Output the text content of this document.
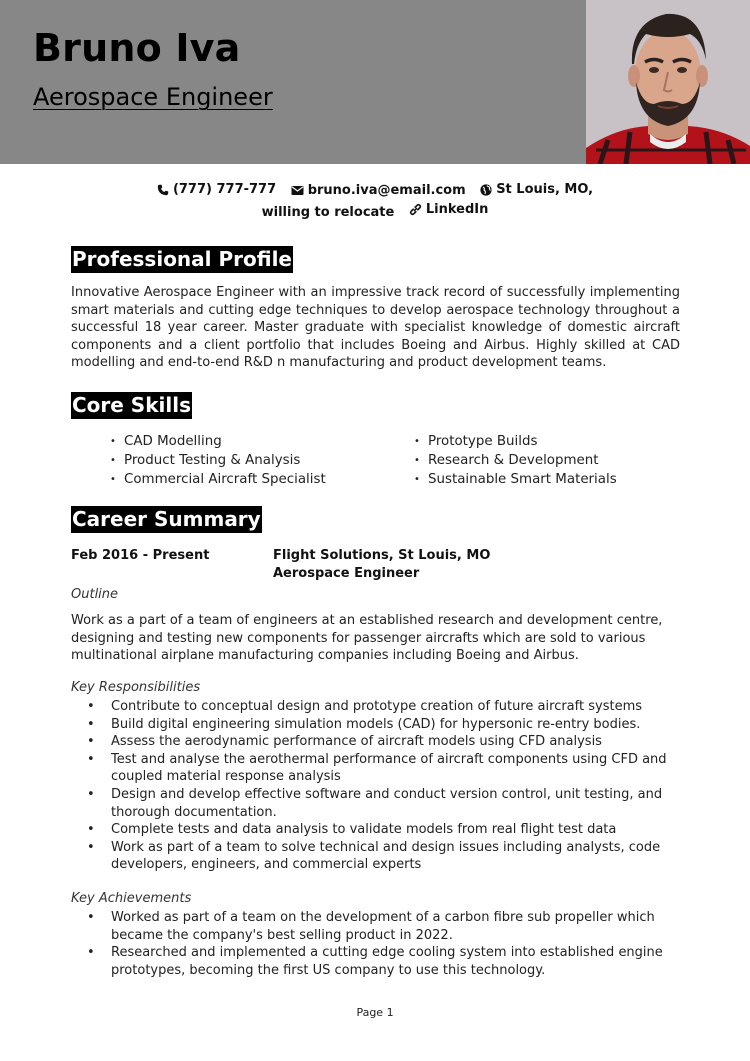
Bruno Iva
Aerospace Engineer
(777) 777-777
bruno.iva@email.com
St Louis, MO,
willing to relocate LinkedIn
Professional Profile
Innovative Aerospace Engineer with an impressive track record of successfully implementing smart materials and cutting edge techniques to develop aerospace technology throughout a successful 18 year career. Master graduate with specialist knowledge of domestic aircraft components and a client portfolio that includes Boeing and Airbus. Highly skilled at CAD modelling and end-to-end R&D n manufacturing and product development teams.
Core Skills
• CAD Modelling
• Product Testing & Analysis
• Commercial Aircraft Specialist
• Prototype Builds
• Research & Development
• Sustainable Smart Materials
Career Summary
Feb 2016 - Present	Flight Solutions, St Louis, MO
Aerospace Engineer
Outline
Work as a part of a team of engineers at an established research and development centre, designing and testing new components for passenger aircrafts which are sold to various multinational airplane manufacturing companies including Boeing and Airbus.
Key Responsibilities
• Contribute to conceptual design and prototype creation of future aircraft systems
• Build digital engineering simulation models (CAD) for hypersonic re-entry bodies.
• Assess the aerodynamic performance of aircraft models using CFD analysis
• Test and analyse the aerothermal performance of aircraft components using CFD and coupled material response analysis
• Design and develop effective software and conduct version control, unit testing, and thorough documentation.
• Complete tests and data analysis to validate models from real flight test data
• Work as part of a team to solve technical and design issues including analysts, code developers, engineers, and commercial experts
Key Achievements
• Worked as part of a team on the development of a carbon fibre sub propeller which became the company's best selling product in 2022.
• Researched and implemented a cutting edge cooling system into established engine prototypes, becoming the first US company to use this technology.
Page 1
